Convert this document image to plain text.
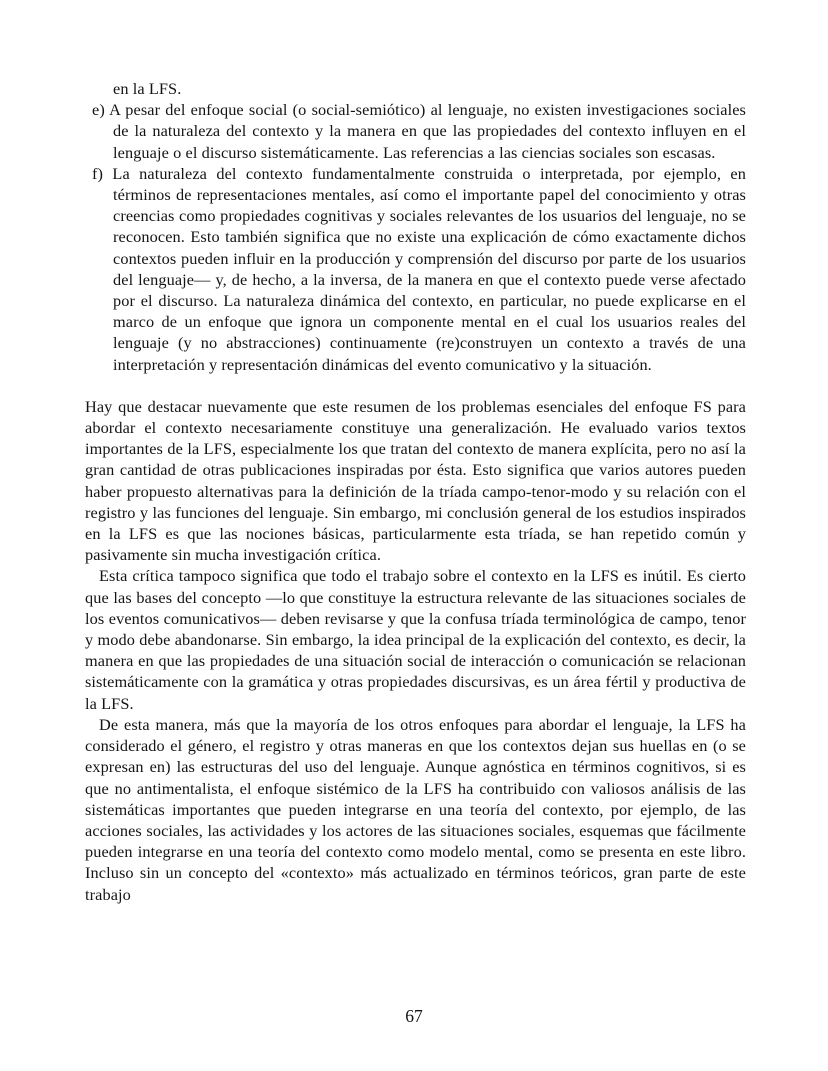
en la LFS.

e) A pesar del enfoque social (o social-semiótico) al lenguaje, no existen investigaciones sociales de la naturaleza del contexto y la manera en que las propiedades del contexto influyen en el lenguaje o el discurso sistemáticamente. Las referencias a las ciencias sociales son escasas.

f) La naturaleza del contexto fundamentalmente construida o interpretada, por ejemplo, en términos de representaciones mentales, así como el importante papel del conocimiento y otras creencias como propiedades cognitivas y sociales relevantes de los usuarios del lenguaje, no se reconocen. Esto también significa que no existe una explicación de cómo exactamente dichos contextos pueden influir en la producción y comprensión del discurso por parte de los usuarios del lenguaje— y, de hecho, a la inversa, de la manera en que el contexto puede verse afectado por el discurso. La naturaleza dinámica del contexto, en particular, no puede explicarse en el marco de un enfoque que ignora un componente mental en el cual los usuarios reales del lenguaje (y no abstracciones) continuamente (re)construyen un contexto a través de una interpretación y representación dinámicas del evento comunicativo y la situación.

Hay que destacar nuevamente que este resumen de los problemas esenciales del enfoque FS para abordar el contexto necesariamente constituye una generalización. He evaluado varios textos importantes de la LFS, especialmente los que tratan del contexto de manera explícita, pero no así la gran cantidad de otras publicaciones inspiradas por ésta. Esto significa que varios autores pueden haber propuesto alternativas para la definición de la tríada campo-tenor-modo y su relación con el registro y las funciones del lenguaje. Sin embargo, mi conclusión general de los estudios inspirados en la LFS es que las nociones básicas, particularmente esta tríada, se han repetido común y pasivamente sin mucha investigación crítica.

Esta crítica tampoco significa que todo el trabajo sobre el contexto en la LFS es inútil. Es cierto que las bases del concepto —lo que constituye la estructura relevante de las situaciones sociales de los eventos comunicativos— deben revisarse y que la confusa tríada terminológica de campo, tenor y modo debe abandonarse. Sin embargo, la idea principal de la explicación del contexto, es decir, la manera en que las propiedades de una situación social de interacción o comunicación se relacionan sistemáticamente con la gramática y otras propiedades discursivas, es un área fértil y productiva de la LFS.

De esta manera, más que la mayoría de los otros enfoques para abordar el lenguaje, la LFS ha considerado el género, el registro y otras maneras en que los contextos dejan sus huellas en (o se expresan en) las estructuras del uso del lenguaje. Aunque agnóstica en términos cognitivos, si es que no antimentalista, el enfoque sistémico de la LFS ha contribuido con valiosos análisis de las sistemáticas importantes que pueden integrarse en una teoría del contexto, por ejemplo, de las acciones sociales, las actividades y los actores de las situaciones sociales, esquemas que fácilmente pueden integrarse en una teoría del contexto como modelo mental, como se presenta en este libro. Incluso sin un concepto del «contexto» más actualizado en términos teóricos, gran parte de este trabajo

67
